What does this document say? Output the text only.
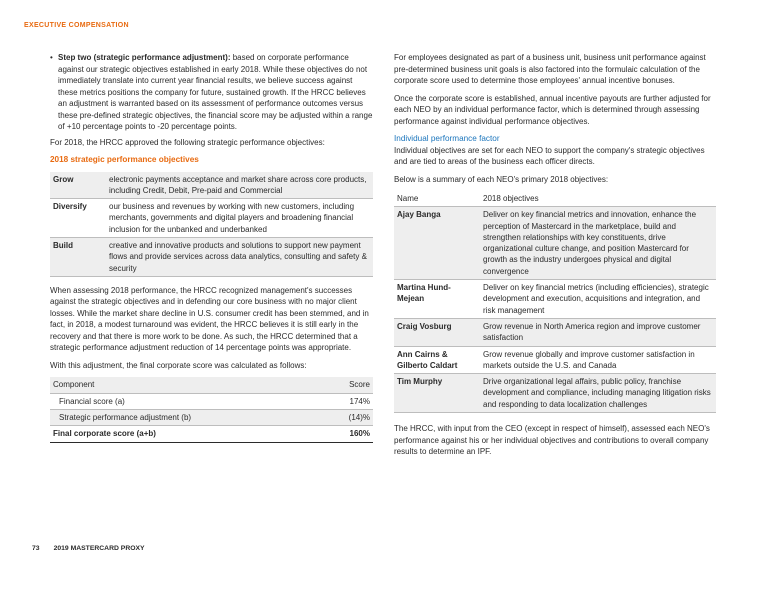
EXECUTIVE COMPENSATION
• Step two (strategic performance adjustment): based on corporate performance against our strategic objectives established in early 2018. While these objectives do not immediately translate into current year financial results, we believe success against these metrics positions the company for future, sustained growth. If the HRCC believes an adjustment is warranted based on its assessment of performance outcomes versus these pre-defined strategic objectives, the financial score may be adjusted within a range of +10 percentage points to -20 percentage points.

For 2018, the HRCC approved the following strategic performance objectives:

2018 strategic performance objectives
Grow	electronic payments acceptance and market share across core products, including Credit, Debit, Pre-paid and Commercial
Diversify	our business and revenues by working with new customers, including merchants, governments and digital players and broadening financial inclusion for the unbanked and underbanked
Build	creative and innovative products and solutions to support new payment flows and provide services across data analytics, consulting and safety & security

When assessing 2018 performance, the HRCC recognized management's successes against the strategic objectives and in defending our core business with no major client losses. While the market share decline in U.S. consumer credit has been stemmed, and in fact, in 2018, a modest turnaround was evident, the HRCC believes it is still early in the recovery and that there is more work to be done. As such, the HRCC determined that a strategic performance adjustment reduction of 14 percentage points was appropriate.

With this adjustment, the final corporate score was calculated as follows:

Component	Score
Financial score (a)	174%
Strategic performance adjustment (b)	(14)%
Final corporate score (a+b)	160%

For employees designated as part of a business unit, business unit performance against pre-determined business unit goals is also factored into the formulaic calculation of the corporate score used to determine those employees' annual incentive bonuses.

Once the corporate score is established, annual incentive payouts are further adjusted for each NEO by an individual performance factor, which is determined through assessing performance against individual performance objectives.

Individual performance factor

Individual objectives are set for each NEO to support the company's strategic objectives and are tied to areas of the business each officer directs.

Below is a summary of each NEO's primary 2018 objectives:

Name	2018 objectives
Ajay Banga	Deliver on key financial metrics and innovation, enhance the perception of Mastercard in the marketplace, build and strengthen relationships with key constituents, drive organizational culture change, and position Mastercard for growth as the industry undergoes physical and digital convergence
Martina Hund-Mejean	Deliver on key financial metrics (including efficiencies), strategic development and execution, acquisitions and integration, and risk management
Craig Vosburg	Grow revenue in North America region and improve customer satisfaction
Ann Cairns & Gilberto Caldart	Grow revenue globally and improve customer satisfaction in markets outside the U.S. and Canada
Tim Murphy	Drive organizational legal affairs, public policy, franchise development and compliance, including managing litigation risks and responding to data localization challenges

The HRCC, with input from the CEO (except in respect of himself), assessed each NEO's performance against his or her individual objectives and contributions to overall company results to determine an IPF.

73 2019 MASTERCARD PROXY
